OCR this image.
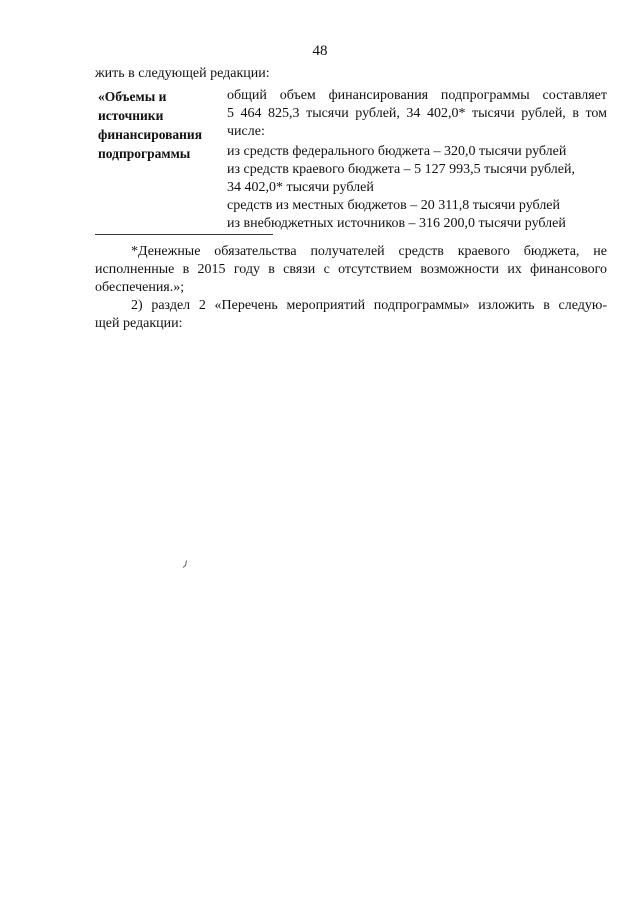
48
жить в следующей редакции:
«Объемы и
источники
финансирования
подпрограммы
общий объем финансирования подпрограммы составляет
5 464 825,3 тысячи рублей, 34 402,0* тысячи рублей, в том
числе:
из средств федерального бюджета – 320,0 тысячи рублей
из средств краевого бюджета – 5 127 993,5 тысячи рублей,
34 402,0* тысячи рублей
средств из местных бюджетов – 20 311,8 тысячи рублей
из внебюджетных источников – 316 200,0 тысячи рублей
*Денежные обязательства получателей средств краевого бюджета, не
исполненные в 2015 году в связи с отсутствием возможности их финансового
обеспечения.»;
2) раздел 2 «Перечень мероприятий подпрограммы» изложить в следую-
щей редакции:
